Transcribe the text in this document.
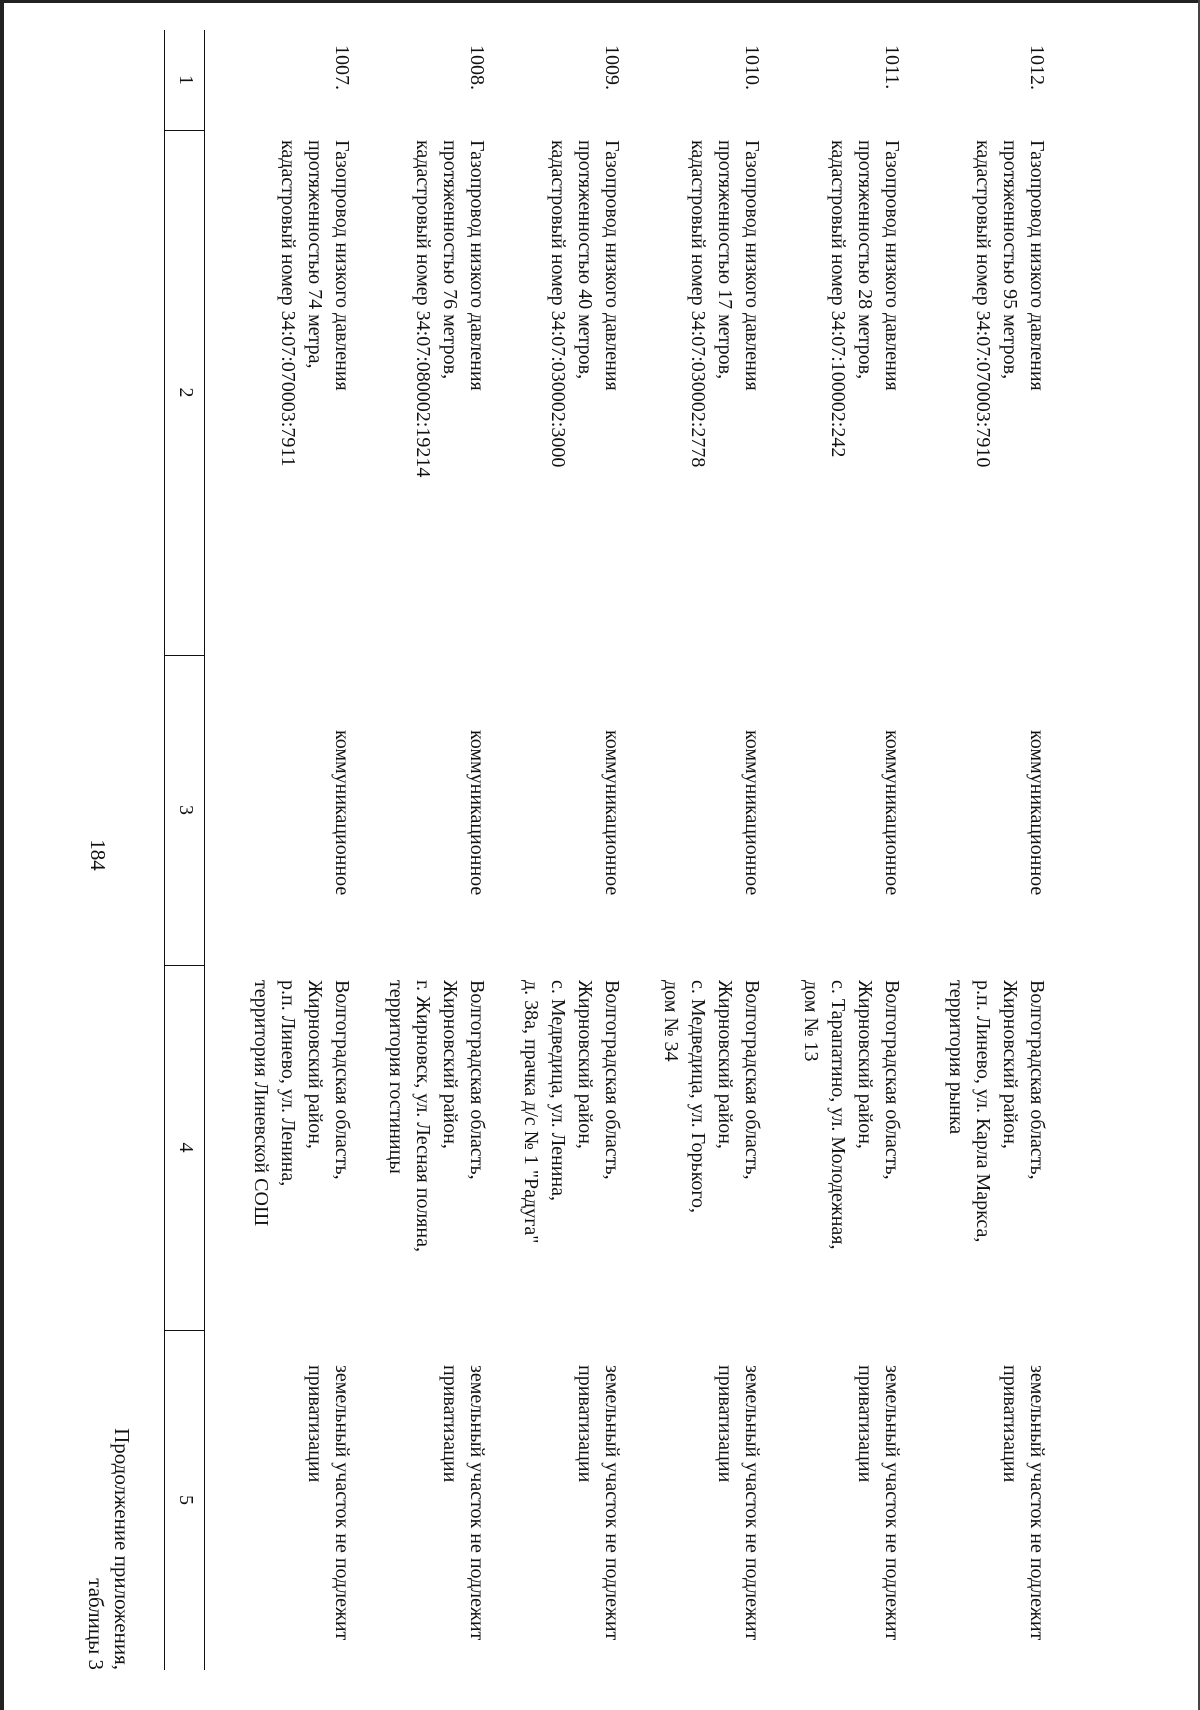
184
Продолжение приложения,
таблицы 3
1
2
3
4
5
1007.
Газопровод низкого давления
протяженностью 74 метра,
кадастровый номер 34:07:070003:7911
коммуникационное
Волгоградская область,
Жирновский район,
р.п. Линево, ул. Ленина,
территория Линевской СОШ
земельный участок не подлежит
приватизации
1008.
Газопровод низкого давления
протяженностью 76 метров,
кадастровый номер 34:07:080002:19214
коммуникационное
Волгоградская область,
Жирновский район,
г. Жирновск, ул. Лесная поляна,
территория гостиницы
земельный участок не подлежит
приватизации
1009.
Газопровод низкого давления
протяженностью 40 метров,
кадастровый номер 34:07:030002:3000
коммуникационное
Волгоградская область,
Жирновский район,
с. Медведица, ул. Ленина,
д. 38а, прачка д/с № 1 "Радуга"
земельный участок не подлежит
приватизации
1010.
Газопровод низкого давления
протяженностью 17 метров,
кадастровый номер 34:07:030002:2778
коммуникационное
Волгоградская область,
Жирновский район,
с. Медведица, ул. Горького,
дом № 34
земельный участок не подлежит
приватизации
1011.
Газопровод низкого давления
протяженностью 28 метров,
кадастровый номер 34:07:100002:242
коммуникационное
Волгоградская область,
Жирновский район,
с. Тарапатино, ул. Молодежная,
дом № 13
земельный участок не подлежит
приватизации
1012.
Газопровод низкого давления
протяженностью 95 метров,
кадастровый номер 34:07:070003:7910
коммуникационное
Волгоградская область,
Жирновский район,
р.п. Линево, ул. Карла Маркса,
территория рынка
земельный участок не подлежит
приватизации
